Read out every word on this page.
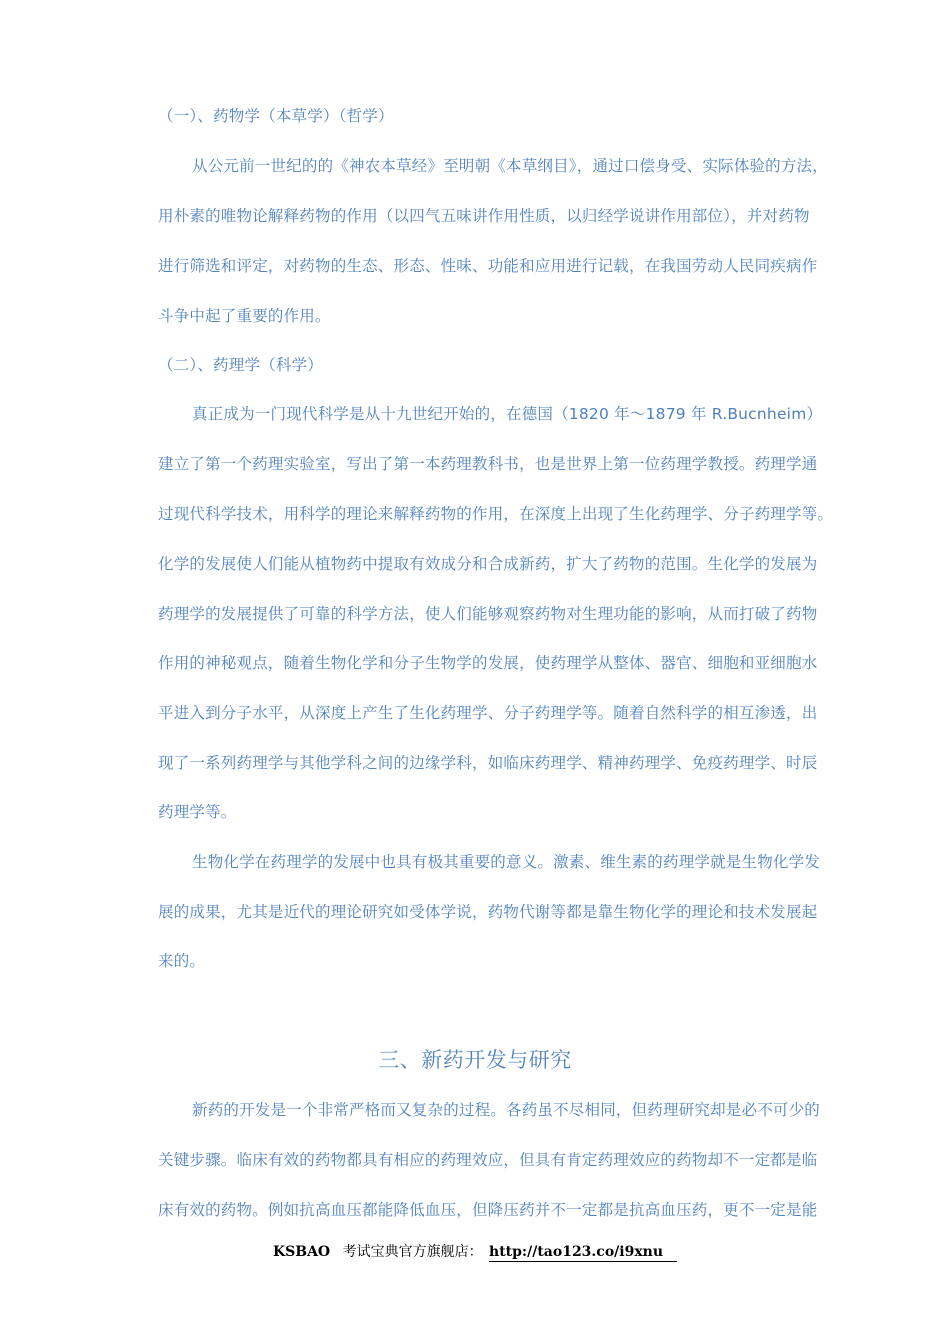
（一）、药物学（本草学）（哲学）
从公元前一世纪的的《神农本草经》至明朝《本草纲目》，通过口偿身受、实际体验的方法，
用朴素的唯物论解释药物的作用（以四气五味讲作用性质，以归经学说讲作用部位），并对药物
进行筛选和评定，对药物的生态、形态、性味、功能和应用进行记载，在我国劳动人民同疾病作
斗争中起了重要的作用。
（二）、药理学（科学）
真正成为一门现代科学是从十九世纪开始的，在德国（1820 年～1879 年 R.Bucnheim）
建立了第一个药理实验室，写出了第一本药理教科书，也是世界上第一位药理学教授。药理学通
过现代科学技术，用科学的理论来解释药物的作用，在深度上出现了生化药理学、分子药理学等。
化学的发展使人们能从植物药中提取有效成分和合成新药，扩大了药物的范围。生化学的发展为
药理学的发展提供了可靠的科学方法，使人们能够观察药物对生理功能的影响，从而打破了药物
作用的神秘观点，随着生物化学和分子生物学的发展，使药理学从整体、器官、细胞和亚细胞水
平进入到分子水平，从深度上产生了生化药理学、分子药理学等。随着自然科学的相互渗透，出
现了一系列药理学与其他学科之间的边缘学科，如临床药理学、精神药理学、免疫药理学、时辰
药理学等。
生物化学在药理学的发展中也具有极其重要的意义。激素、维生素的药理学就是生物化学发
展的成果，尤其是近代的理论研究如受体学说，药物代谢等都是靠生物化学的理论和技术发展起
来的。
三、新药开发与研究
新药的开发是一个非常严格而又复杂的过程。各药虽不尽相同，但药理研究却是必不可少的
关键步骤。临床有效的药物都具有相应的药理效应，但具有肯定药理效应的药物却不一定都是临
床有效的药物。例如抗高血压都能降低血压，但降压药并不一定都是抗高血压药，更不一定是能
KSBAO 考试宝典官方旗舰店： http://tao123.co/i9xnu
